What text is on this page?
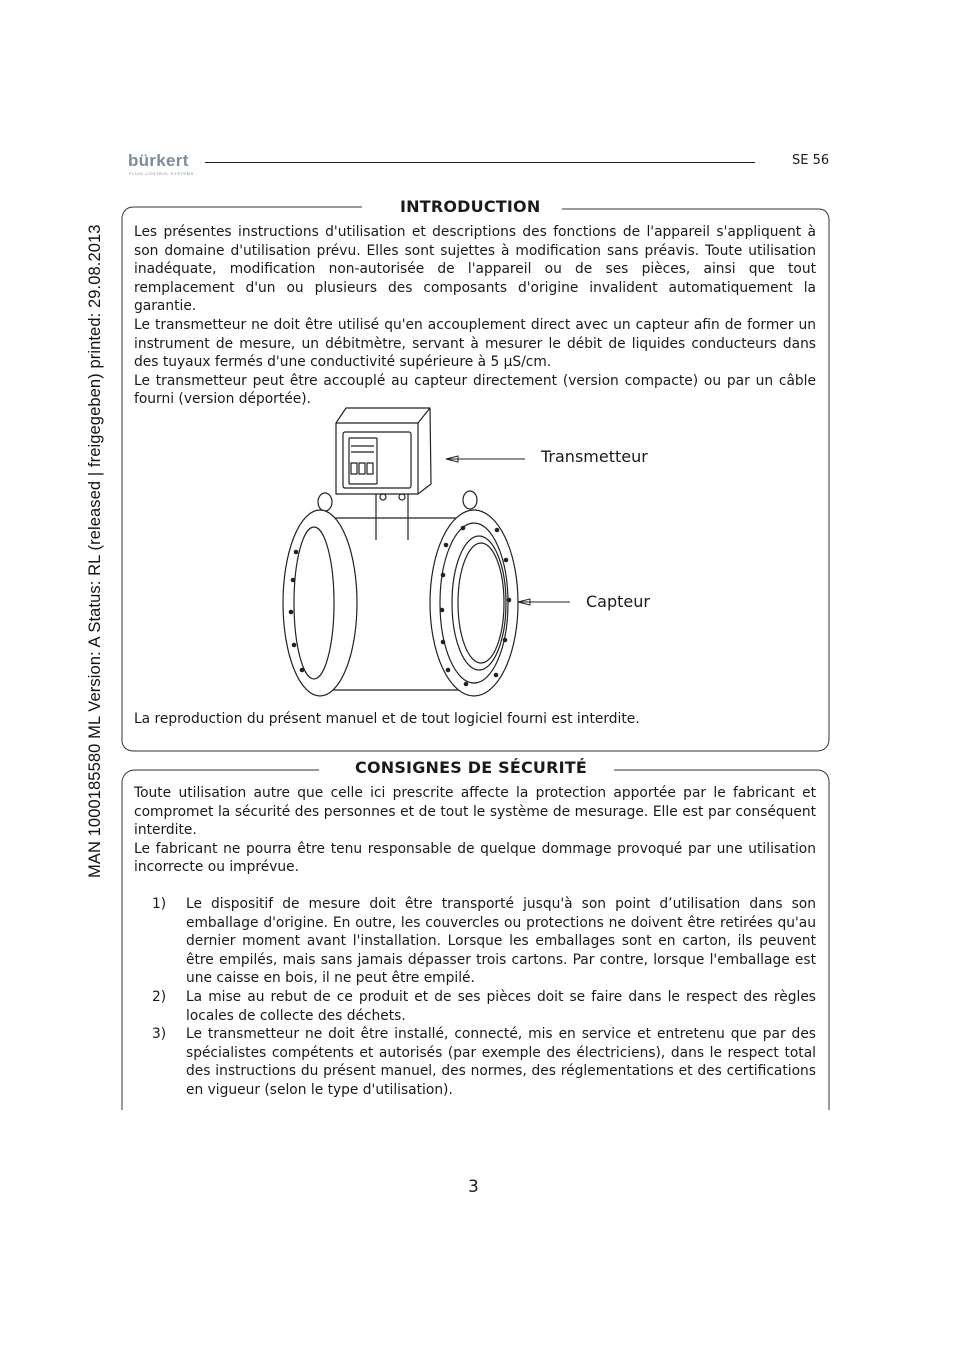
MAN 1000185580 ML Version: A Status: RL (released | freigegeben) printed: 29.08.2013
bürkert
FLUID CONTROL SYSTEMS
SE 56
INTRODUCTION

Les présentes instructions d'utilisation et descriptions des fonctions de l'appareil s'appliquent à son domaine d'utilisation prévu. Elles sont sujettes à modification sans préavis. Toute utilisation inadéquate, modification non-autorisée de l'appareil ou de ses pièces, ainsi que tout remplacement d'un ou plusieurs des composants d'origine invalident automatiquement la garantie.

Le transmetteur ne doit être utilisé qu'en accouplement direct avec un capteur afin de former un instrument de mesure, un débitmètre, servant à mesurer le débit de liquides conducteurs dans des tuyaux fermés d'une conductivité supérieure à 5 µS/cm.

Le transmetteur peut être accouplé au capteur directement (version compacte) ou par un câble fourni (version déportée).

Transmetteur
Capteur
La reproduction du présent manuel et de tout logiciel fourni est interdite.
CONSIGNES DE SÉCURITÉ

Toute utilisation autre que celle ici prescrite affecte la protection apportée par le fabricant et compromet la sécurité des personnes et de tout le système de mesurage. Elle est par conséquent interdite.

Le fabricant ne pourra être tenu responsable de quelque dommage provoqué par une utilisation incorrecte ou imprévue.

1)	Le dispositif de mesure doit être transporté jusqu'à son point d’utilisation dans son emballage d'origine. En outre, les couvercles ou protections ne doivent être retirées qu'au dernier moment avant l'installation. Lorsque les emballages sont en carton, ils peuvent être empilés, mais sans jamais dépasser trois cartons. Par contre, lorsque l'emballage est une caisse en bois, il ne peut être empilé.
2)	La mise au rebut de ce produit et de ses pièces doit se faire dans le respect des règles locales de collecte des déchets.
3)	Le transmetteur ne doit être installé, connecté, mis en service et entretenu que par des spécialistes compétents et autorisés (par exemple des électriciens), dans le respect total des instructions du présent manuel, des normes, des réglementations et des certifications en vigueur (selon le type d'utilisation).
3
